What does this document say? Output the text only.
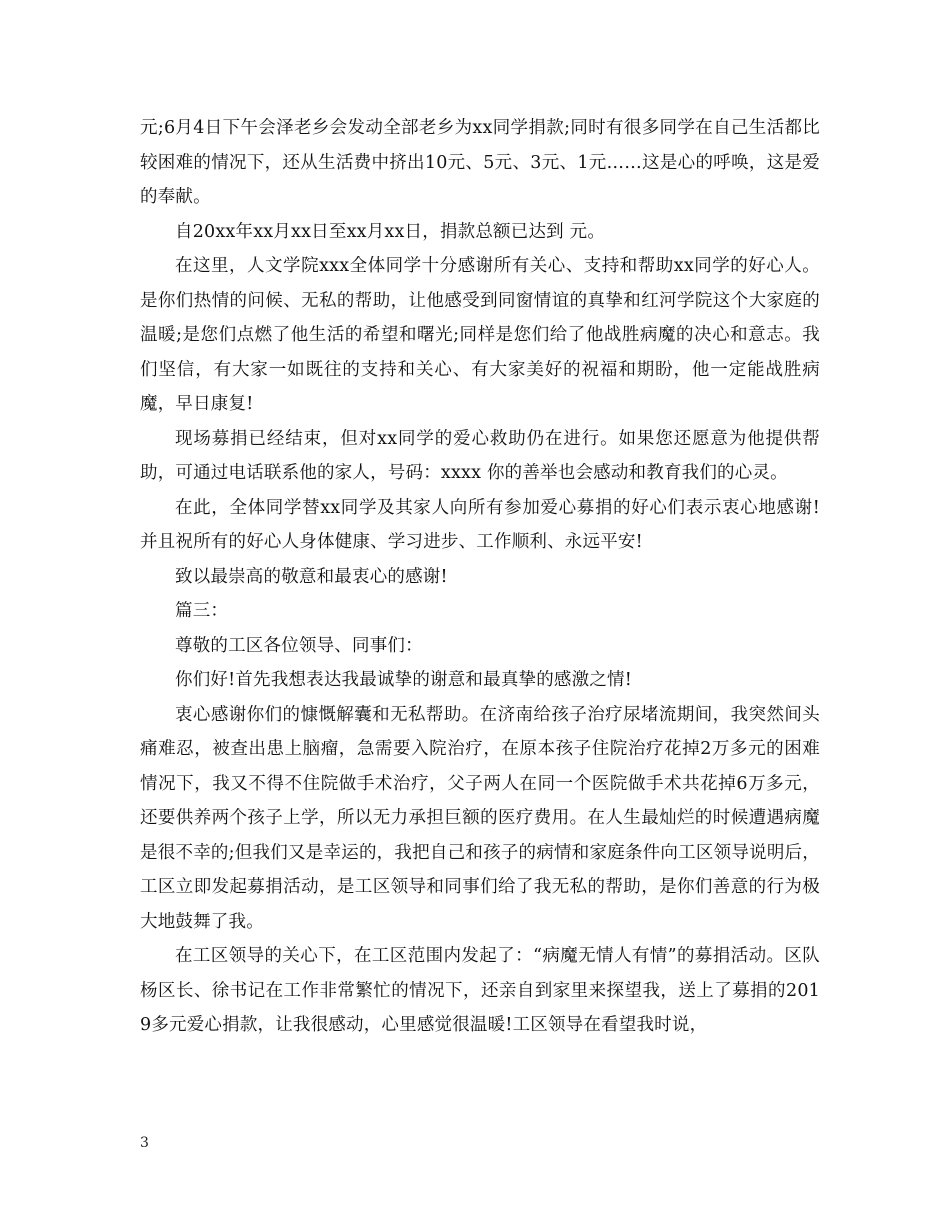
元;6月4日下午会泽老乡会发动全部老乡为xx同学捐款;同时有很多同学在自己生活都比较困难的情况下，还从生活费中挤出10元、5元、3元、1元……这是心的呼唤，这是爱的奉献。

自20xx年xx月xx日至xx月xx日，捐款总额已达到 元。

在这里，人文学院xxx全体同学十分感谢所有关心、支持和帮助xx同学的好心人。是你们热情的问候、无私的帮助，让他感受到同窗情谊的真挚和红河学院这个大家庭的温暖;是您们点燃了他生活的希望和曙光;同样是您们给了他战胜病魔的决心和意志。我们坚信，有大家一如既往的支持和关心、有大家美好的祝福和期盼，他一定能战胜病魔，早日康复!

现场募捐已经结束，但对xx同学的爱心救助仍在进行。如果您还愿意为他提供帮助，可通过电话联系他的家人，号码：xxxx 你的善举也会感动和教育我们的心灵。

在此，全体同学替xx同学及其家人向所有参加爱心募捐的好心们表示衷心地感谢!并且祝所有的好心人身体健康、学习进步、工作顺利、永远平安!

致以最崇高的敬意和最衷心的感谢!

篇三：

尊敬的工区各位领导、同事们：

你们好!首先我想表达我最诚挚的谢意和最真挚的感激之情!

衷心感谢你们的慷慨解囊和无私帮助。在济南给孩子治疗尿堵流期间，我突然间头痛难忍，被查出患上脑瘤，急需要入院治疗，在原本孩子住院治疗花掉2万多元的困难情况下，我又不得不住院做手术治疗，父子两人在同一个医院做手术共花掉6万多元，还要供养两个孩子上学，所以无力承担巨额的医疗费用。在人生最灿烂的时候遭遇病魔是很不幸的;但我们又是幸运的，我把自己和孩子的病情和家庭条件向工区领导说明后，工区立即发起募捐活动，是工区领导和同事们给了我无私的帮助，是你们善意的行为极大地鼓舞了我。

在工区领导的关心下，在工区范围内发起了：“病魔无情人有情”的募捐活动。区队杨区长、徐书记在工作非常繁忙的情况下，还亲自到家里来探望我，送上了募捐的2019多元爱心捐款，让我很感动，心里感觉很温暖!工区领导在看望我时说，

3
